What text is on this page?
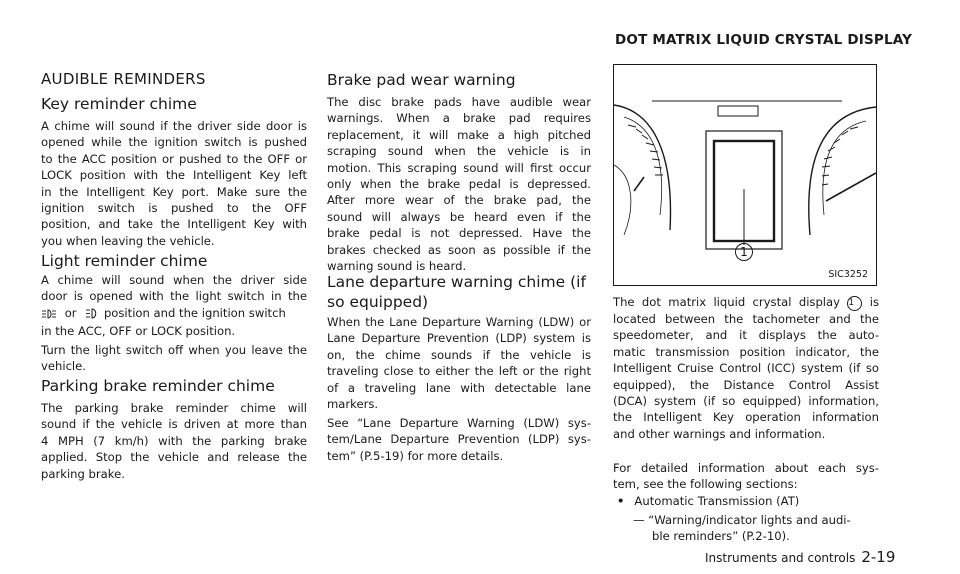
AUDIBLE REMINDERS
Key reminder chime
A chime will sound if the driver side door is
opened while the ignition switch is pushed
to the ACC position or pushed to the OFF or
LOCK position with the Intelligent Key left
in the Intelligent Key port. Make sure the
ignition switch is pushed to the OFF
position, and take the Intelligent Key with
you when leaving the vehicle.
Light reminder chime
A chime will sound when the driver side
door is opened with the light switch in the
or position and the ignition switch
in the ACC, OFF or LOCK position.
Turn the light switch off when you leave the
vehicle.
Parking brake reminder chime
The parking brake reminder chime will
sound if the vehicle is driven at more than
4 MPH (7 km/h) with the parking brake
applied. Stop the vehicle and release the
parking brake.
Brake pad wear warning
The disc brake pads have audible wear
warnings. When a brake pad requires
replacement, it will make a high pitched
scraping sound when the vehicle is in
motion. This scraping sound will first occur
only when the brake pedal is depressed.
After more wear of the brake pad, the
sound will always be heard even if the
brake pedal is not depressed. Have the
brakes checked as soon as possible if the
warning sound is heard.
Lane departure warning chime (if
so equipped)
When the Lane Departure Warning (LDW) or
Lane Departure Prevention (LDP) system is
on, the chime sounds if the vehicle is
traveling close to either the left or the right
of a traveling lane with detectable lane
markers.
See “Lane Departure Warning (LDW) sys-
tem/Lane Departure Prevention (LDP) sys-
tem” (P.5-19) for more details.
DOT MATRIX LIQUID CRYSTAL DISPLAY
1
SIC3252
The dot matrix liquid crystal display 1 is
located between the tachometer and the
speedometer, and it displays the auto-
matic transmission position indicator, the
Intelligent Cruise Control (ICC) system (if so
equipped), the Distance Control Assist
(DCA) system (if so equipped) information,
the Intelligent Key operation information
and other warnings and information.
For detailed information about each sys-
tem, see the following sections:
• Automatic Transmission (AT)
— “Warning/indicator lights and audi-
ble reminders” (P.2-10).
Instruments and controls 2-19
